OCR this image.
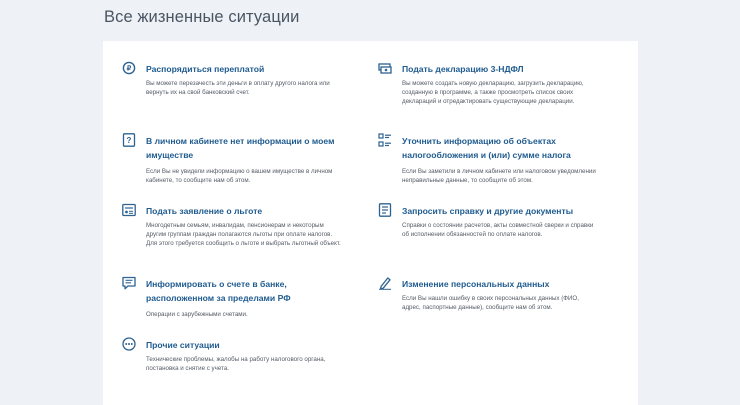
Все жизненные ситуации
₽ Распорядиться переплатой
Вы можете перезачесть эти деньги в оплату другого налога или вернуть их на свой банковский счет.
Подать декларацию 3-НДФЛ
Вы можете создать новую декларацию, загрузить декларацию, созданную в программе, а также просмотреть список своих деклараций и отредактировать существующие декларации.
? В личном кабинете нет информации о моем имуществе
Если Вы не увидели информацию о вашем имуществе в личном кабинете, то сообщите нам об этом.
Уточнить информацию об объектах налогообложения и (или) сумме налога
Если Вы заметили в личном кабинете или налоговом уведомлении неправильные данные, то сообщите об этом.
Подать заявление о льготе
Многодетным семьям, инвалидам, пенсионерам и некоторым другим группам граждан полагаются льготы при оплате налогов. Для этого требуется сообщить о льготе и выбрать льготный объект.
Запросить справку и другие документы
Справки о состоянии расчетов, акты совместной сверки и справки об исполнении обязанностей по оплате налогов.
Информировать о счете в банке, расположенном за пределами РФ
Операции с зарубежными счетами.
Изменение персональных данных
Если Вы нашли ошибку в своих персональных данных (ФИО, адрес, паспортные данные), сообщите нам об этом.
Прочие ситуации
Технические проблемы, жалобы на работу налогового органа, постановка и снятие с учета.
